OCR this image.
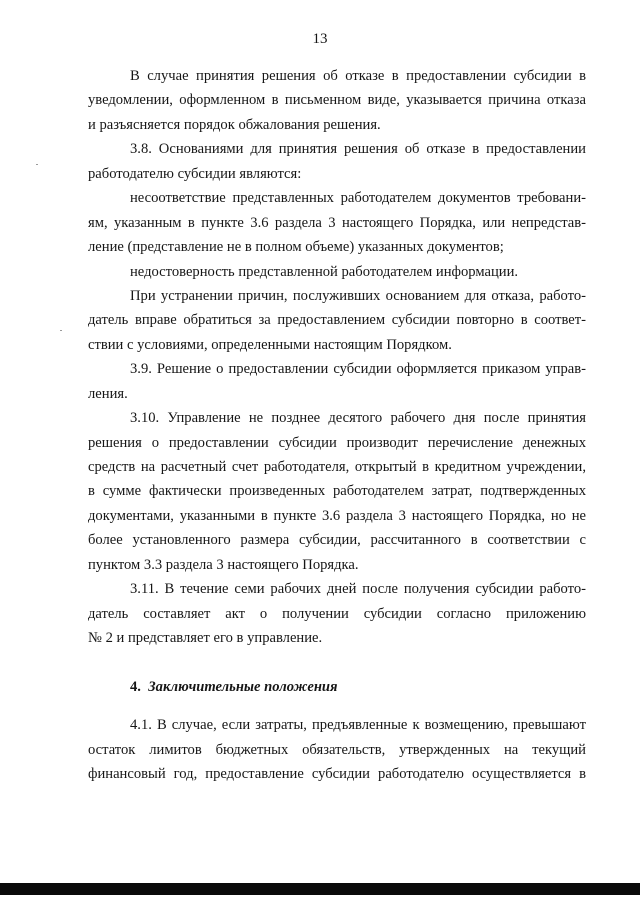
13
В случае принятия решения об отказе в предоставлении субсидии в
уведомлении, оформленном в письменном виде, указывается причина отказа
и разъясняется порядок обжалования решения.
3.8. Основаниями для принятия решения об отказе в предоставлении
работодателю субсидии являются:
несоответствие представленных работодателем документов требовани-
ям, указанным в пункте 3.6 раздела 3 настоящего Порядка, или непредстав-
ление (представление не в полном объеме) указанных документов;
недостоверность представленной работодателем информации.
При устранении причин, послуживших основанием для отказа, работо-
датель вправе обратиться за предоставлением субсидии повторно в соответ-
ствии с условиями, определенными настоящим Порядком.
3.9. Решение о предоставлении субсидии оформляется приказом управ-
ления.
3.10. Управление не позднее десятого рабочего дня после принятия
решения о предоставлении субсидии производит перечисление денежных
средств на расчетный счет работодателя, открытый в кредитном учреждении,
в сумме фактически произведенных работодателем затрат, подтвержденных
документами, указанными в пункте 3.6 раздела 3 настоящего Порядка, но не
более установленного размера субсидии, рассчитанного в соответствии с
пунктом 3.3 раздела 3 настоящего Порядка.
3.11. В течение семи рабочих дней после получения субсидии работо-
датель составляет акт о получении субсидии согласно приложению
№ 2 и представляет его в управление.
4. Заключительные положения
4.1. В случае, если затраты, предъявленные к возмещению, превышают
остаток лимитов бюджетных обязательств, утвержденных на текущий
финансовый год, предоставление субсидии работодателю осуществляется в
